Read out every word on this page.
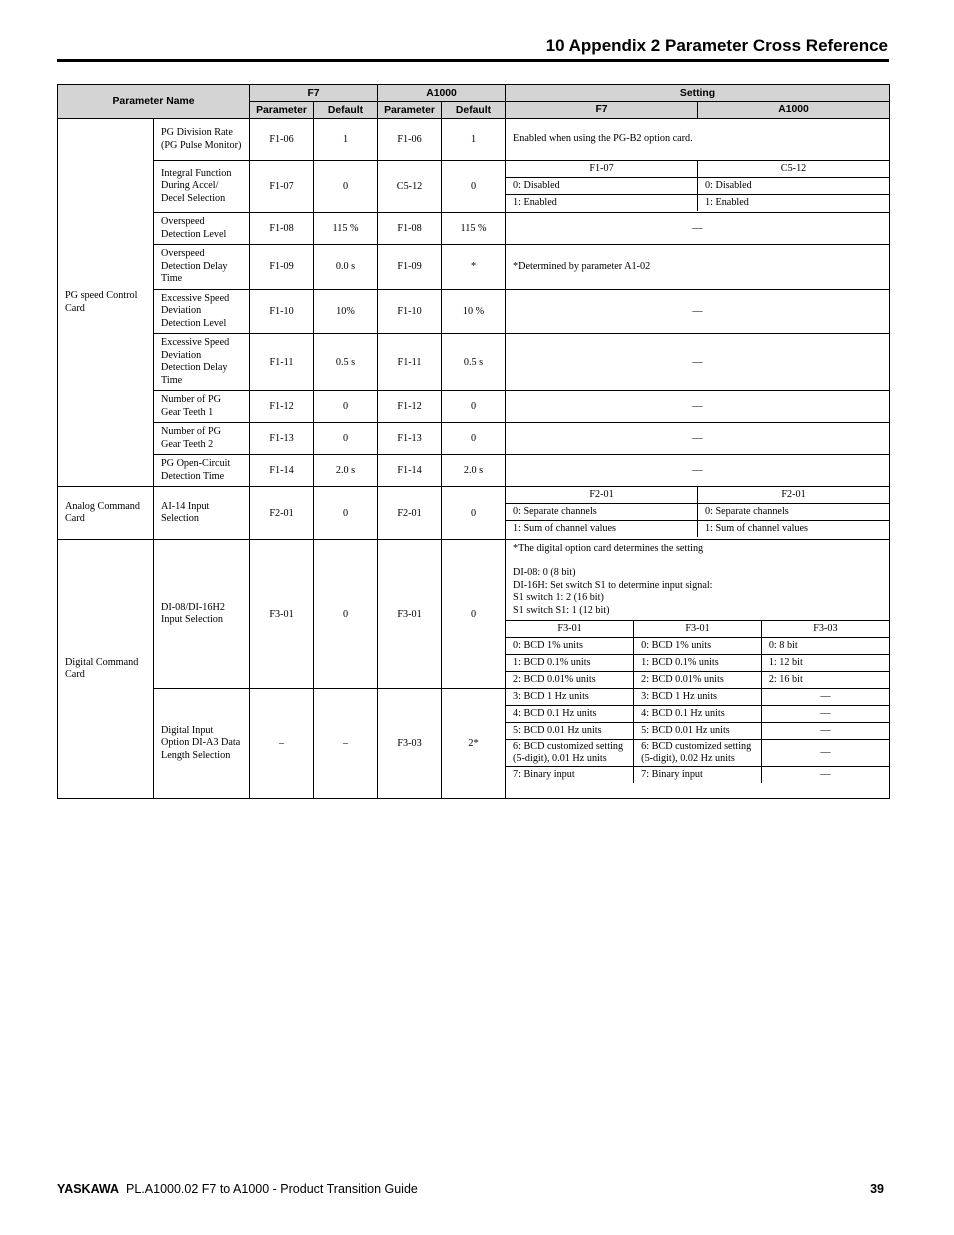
10 Appendix 2 Parameter Cross Reference
Parameter Name	F7	A1000	Setting
Parameter	Default	Parameter	Default		F7	A1000

PG speed Control Card	PG Division Rate (PG Pulse Monitor)	F1-06	1	F1-06	1	Enabled when using the PG-B2 option card.
Integral Function During Accel/ Decel Selection	F1-07	0	C5-12	0	
F1-07	C5-12
0: Disabled	0: Disabled
1: Enabled	1: Enabled

Overspeed Detection Level	F1-08	115 %	F1-08	115 %	—
Overspeed Detection Delay Time	F1-09	0.0 s	F1-09	*	*Determined by parameter A1-02
Excessive Speed Deviation Detection Level	F1-10	10%	F1-10	10 %	—
Excessive Speed Deviation Detection Delay Time	F1-11	0.5 s	F1-11	0.5 s	—
Number of PG Gear Teeth 1	F1-12	0	F1-12	0	—
Number of PG Gear Teeth 2	F1-13	0	F1-13	0	—
PG Open-Circuit Detection Time	F1-14	2.0 s	F1-14	2.0 s	—
Analog Command Card	AI-14 Input Selection	F2-01	0	F2-01	0	
F2-01	F2-01
0: Separate channels	0: Separate channels
1: Sum of channel values	1: Sum of channel values

Digital Command Card	DI-08/DI-16H2 Input Selection	F3-01	0	F3-01	0	
*The digital option card determines the setting
DI-08: 0 (8 bit)
DI-16H: Set switch S1 to determine input signal:
S1 switch 1: 2 (16 bit)
S1 switch S1: 1 (12 bit)
F3-01	F3-01	F3-03
0: BCD 1% units	0: BCD 1% units	0: 8 bit
1: BCD 0.1% units	1: BCD 0.1% units	1: 12 bit
2: BCD 0.01% units	2: BCD 0.01% units	2: 16 bit

Digital Input Option DI-A3 Data Length Selection	–	–	F3-03	2*	
3: BCD 1 Hz units	3: BCD 1 Hz units	—
4: BCD 0.1 Hz units	4: BCD 0.1 Hz units	—
5: BCD 0.01 Hz units	5: BCD 0.01 Hz units	—
6: BCD customized setting (5-digit), 0.01 Hz units	6: BCD customized setting (5-digit), 0.02 Hz units	—
7: Binary input	7: Binary input	—
YASKAWA PL.A1000.02 F7 to A1000 - Product Transition Guide	39
